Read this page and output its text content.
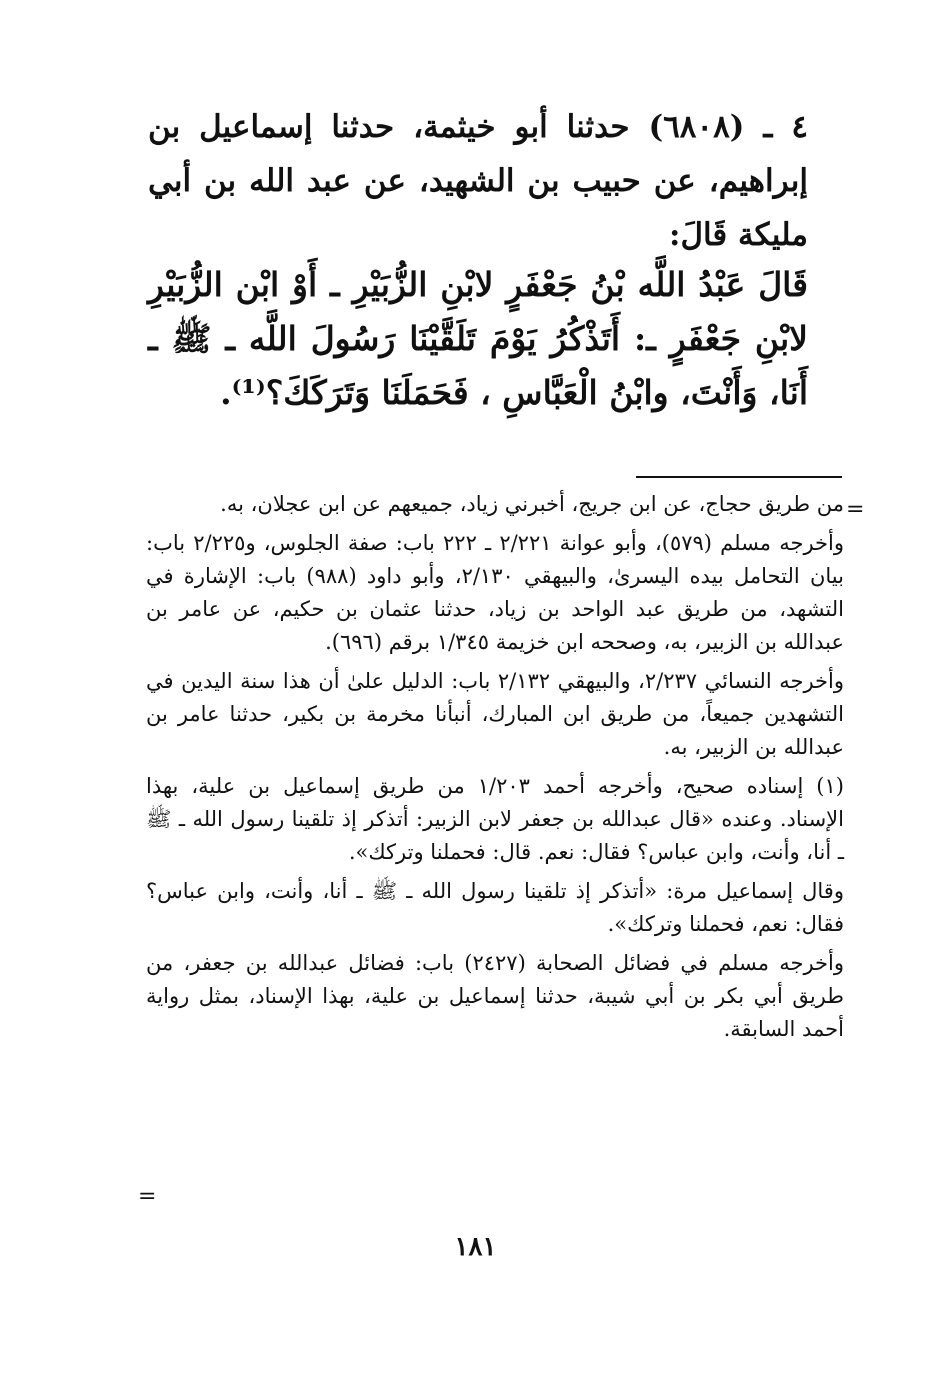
٤ ـ (٦٨٠٨) حدثنا أبو خيثمة، حدثنا إسماعيل بن إبراهيم، عن حبيب بن الشهيد، عن عبد الله بن أبي مليكة قَالَ:
قَالَ عَبْدُ اللَّه بْنُ جَعْفَرٍ لابْنِ الزُّبَيْرِ ـ أَوْ ابْن الزُّبَيْرِ لابْنِ جَعْفَرٍ ـ: أَتَذْكُرُ يَوْمَ تَلَقَّيْنَا رَسُولَ اللَّه ـ ﷺ ـ أَنَا، وَأَنْتَ، وابْنُ الْعَبَّاسِ ، فَحَمَلَنَا وَتَرَكَكَ؟⁽¹⁾.
=

من طريق حجاج، عن ابن جريج، أخبرني زياد، جميعهم عن ابن عجلان، به.

وأخرجه مسلم (٥٧٩)، وأبو عوانة ٢/٢٢١ ـ ٢٢٢ باب: صفة الجلوس، و٢/٢٢٥ باب: بيان التحامل بيده اليسرىٰ، والبيهقي ٢/١٣٠، وأبو داود (٩٨٨) باب: الإشارة في التشهد، من طريق عبد الواحد بن زياد، حدثنا عثمان بن حكيم، عن عامر بن عبدالله بن الزبير، به، وصححه ابن خزيمة ١/٣٤٥ برقم (٦٩٦).

وأخرجه النسائي ٢/٢٣٧، والبيهقي ٢/١٣٢ باب: الدليل علىٰ أن هذا سنة اليدين في التشهدين جميعاً، من طريق ابن المبارك، أنبأنا مخرمة بن بكير، حدثنا عامر بن عبدالله بن الزبير، به.

(١) إسناده صحيح، وأخرجه أحمد ١/٢٠٣ من طريق إسماعيل بن علية، بهذا الإسناد. وعنده «قال عبدالله بن جعفر لابن الزبير: أتذكر إذ تلقينا رسول الله ـ ﷺ ـ أنا، وأنت، وابن عباس؟ فقال: نعم. قال: فحملنا وتركك».

وقال إسماعيل مرة: «أتذكر إذ تلقينا رسول الله ـ ﷺ ـ أنا، وأنت، وابن عباس؟ فقال: نعم، فحملنا وتركك».

وأخرجه مسلم في فضائل الصحابة (٢٤٢٧) باب: فضائل عبدالله بن جعفر، من طريق أبي بكر بن أبي شيبة، حدثنا إسماعيل بن علية، بهذا الإسناد، بمثل رواية أحمد السابقة.

=
١٨١
